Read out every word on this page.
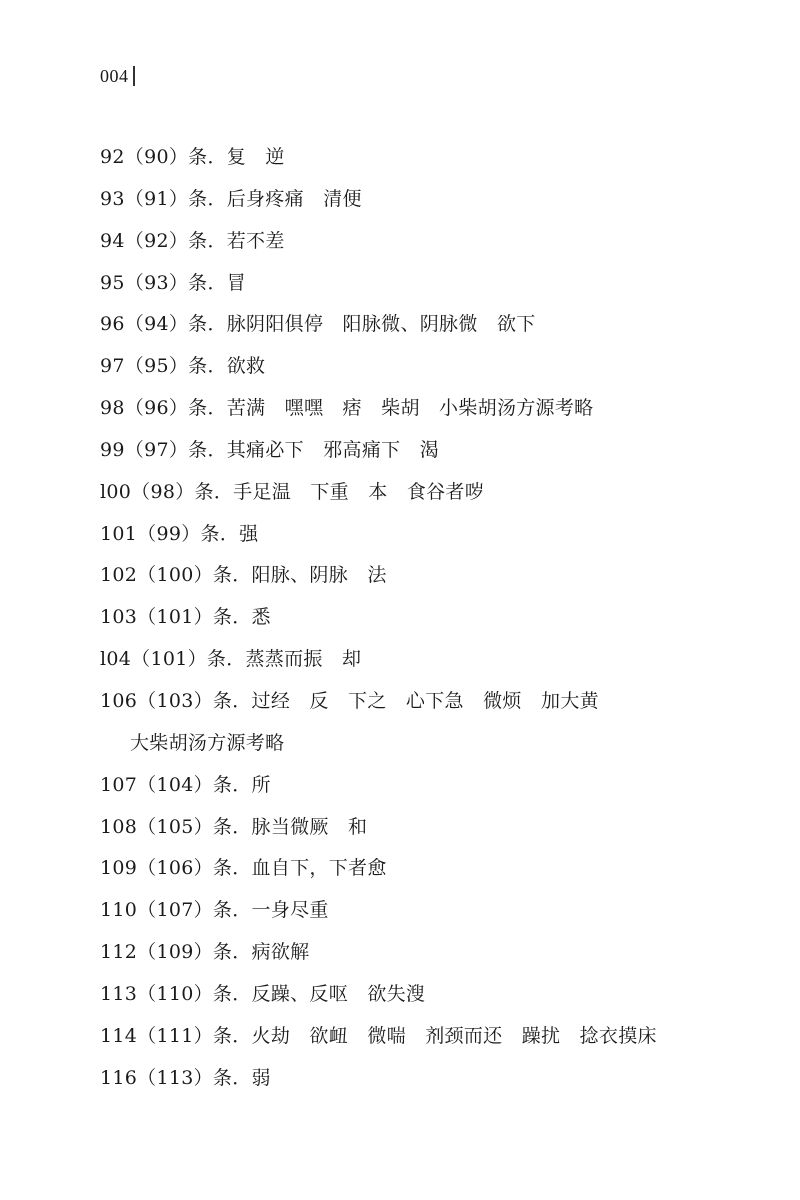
004
92（90）条．复　逆
93（91）条．后身疼痛　清便
94（92）条．若不差
95（93）条．冒
96（94）条．脉阴阳俱停　阳脉微、阴脉微　欲下
97（95）条．欲救
98（96）条．苦满　嘿嘿　痞　柴胡　小柴胡汤方源考略
99（97）条．其痛必下　邪高痛下　渴
l00（98）条．手足温　下重　本　食谷者哕
101（99）条．强
102（100）条．阳脉、阴脉　法
103（101）条．悉
l04（101）条．蒸蒸而振　却
106（103）条．过经　反　下之　心下急　微烦　加大黄
大柴胡汤方源考略
107（104）条．所
108（105）条．脉当微厥　和
109（106）条．血自下，下者愈
110（107）条．一身尽重
112（109）条．病欲解
113（110）条．反躁、反呕　欲失溲
114（111）条．火劫　欲衄　微喘　剂颈而还　躁扰　捻衣摸床
116（113）条．弱
